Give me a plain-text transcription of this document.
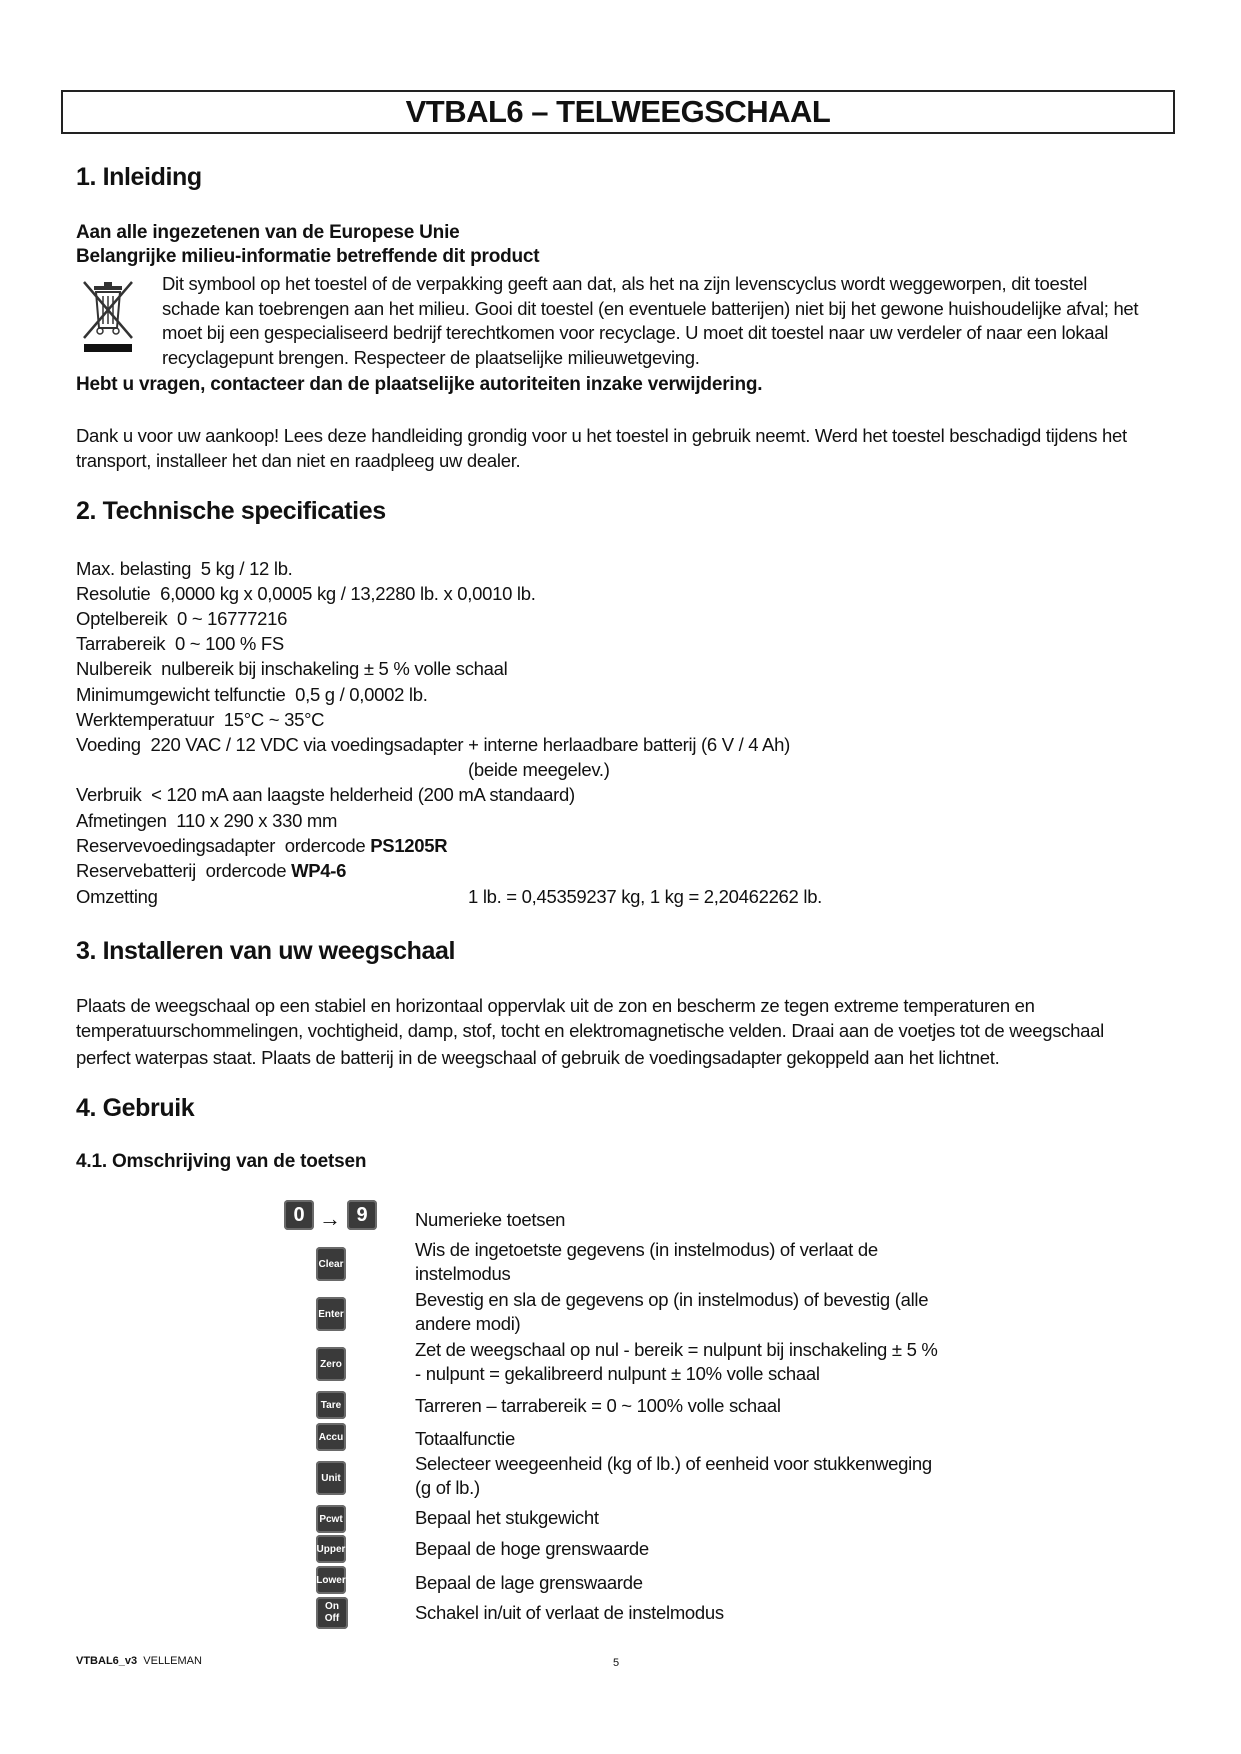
VTBAL6 – TELWEEGSCHAAL
1. Inleiding
Aan alle ingezetenen van de Europese Unie
Belangrijke milieu-informatie betreffende dit product
Dit symbool op het toestel of de verpakking geeft aan dat, als het na zijn levenscyclus wordt weggeworpen, dit toestel
schade kan toebrengen aan het milieu. Gooi dit toestel (en eventuele batterijen) niet bij het gewone huishoudelijke afval; het
moet bij een gespecialiseerd bedrijf terechtkomen voor recyclage. U moet dit toestel naar uw verdeler of naar een lokaal
recyclagepunt brengen. Respecteer de plaatselijke milieuwetgeving.
Hebt u vragen, contacteer dan de plaatselijke autoriteiten inzake verwijdering.
Dank u voor uw aankoop! Lees deze handleiding grondig voor u het toestel in gebruik neemt. Werd het toestel beschadigd tijdens het
transport, installeer het dan niet en raadpleeg uw dealer.
2. Technische specificaties
Max. belasting 5 kg / 12 lb.
Resolutie 6,0000 kg x 0,0005 kg / 13,2280 lb. x 0,0010 lb.
Optelbereik 0 ~ 16777216
Tarrabereik 0 ~ 100 % FS
Nulbereik nulbereik bij inschakeling ± 5 % volle schaal
Minimumgewicht telfunctie 0,5 g / 0,0002 lb.
Werktemperatuur 15°C ~ 35°C
Voeding 220 VAC / 12 VDC via voedingsadapter + interne herlaadbare batterij (6 V / 4 Ah)
(beide meegelev.)
Verbruik < 120 mA aan laagste helderheid (200 mA standaard)
Afmetingen 110 x 290 x 330 mm
Reservevoedingsadapter ordercode PS1205R
Reservebatterij ordercode WP4-6
Omzetting	1 lb. = 0,45359237 kg, 1 kg = 2,20462262 lb.
3. Installeren van uw weegschaal
Plaats de weegschaal op een stabiel en horizontaal oppervlak uit de zon en bescherm ze tegen extreme temperaturen en
temperatuurschommelingen, vochtigheid, damp, stof, tocht en elektromagnetische velden. Draai aan de voetjes tot de weegschaal
perfect waterpas staat. Plaats de batterij in de weegschaal of gebruik de voedingsadapter gekoppeld aan het lichtnet.
4. Gebruik
4.1. Omschrijving van de toetsen
0 → 9
Clear
Enter
Zero
Tare
Accu
Unit
Pcwt
Upper
Lower
On
Off
Numerieke toetsen
Wis de ingetoetste gegevens (in instelmodus) of verlaat de
instelmodus
Bevestig en sla de gegevens op (in instelmodus) of bevestig (alle
andere modi)
Zet de weegschaal op nul - bereik = nulpunt bij inschakeling ± 5 %
- nulpunt = gekalibreerd nulpunt ± 10% volle schaal
Tarreren – tarrabereik = 0 ~ 100% volle schaal
Totaalfunctie
Selecteer weegeenheid (kg of lb.) of eenheid voor stukkenweging
(g of lb.)
Bepaal het stukgewicht
Bepaal de hoge grenswaarde
Bepaal de lage grenswaarde
Schakel in/uit of verlaat de instelmodus
VTBAL6_v3 VELLEMAN	5
